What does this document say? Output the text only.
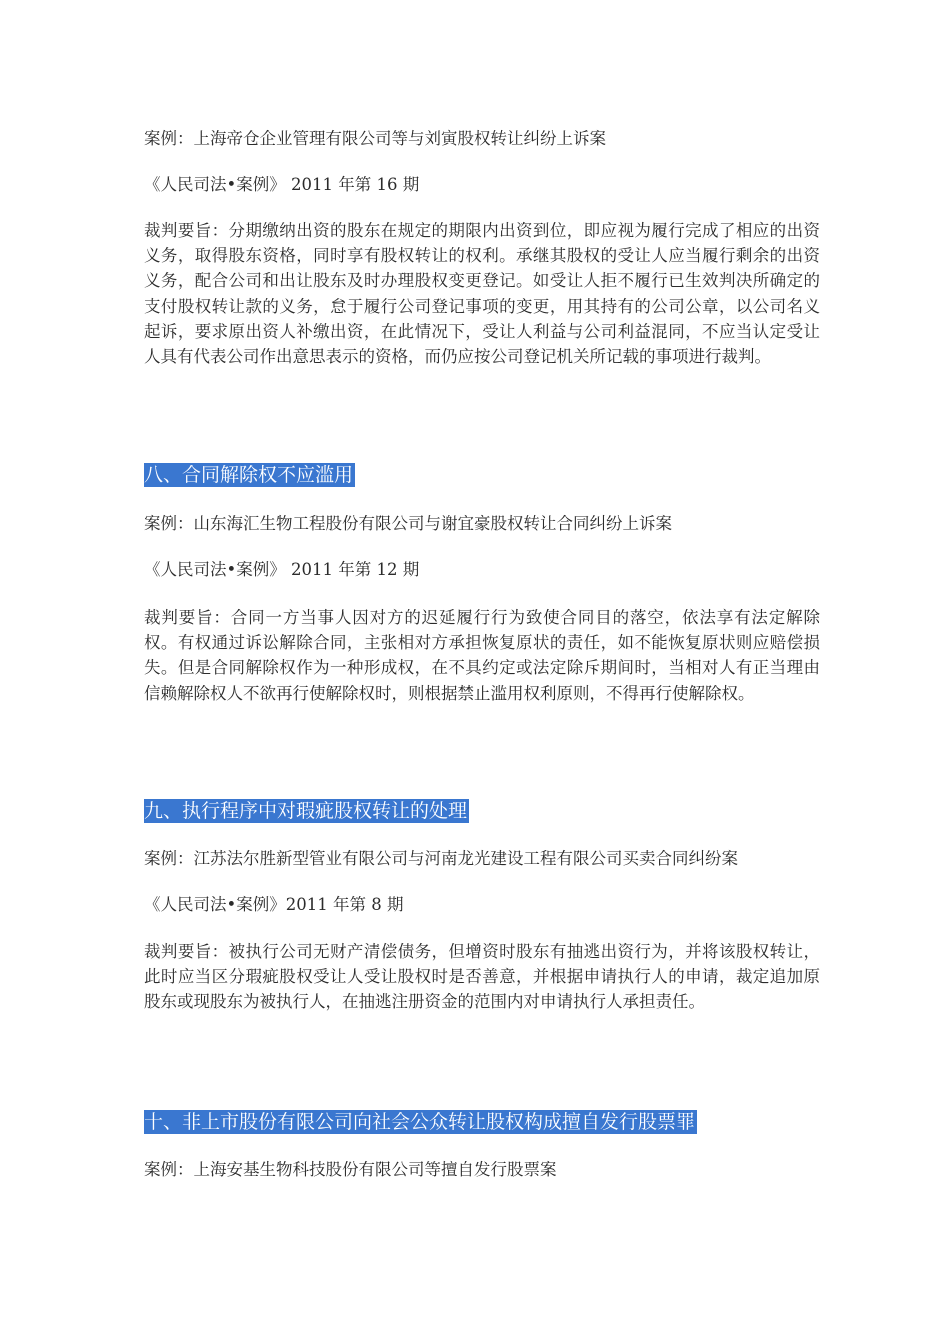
案例：上海帝仓企业管理有限公司等与刘寅股权转让纠纷上诉案

《人民司法•案例》 2011 年第 16 期

裁判要旨：分期缴纳出资的股东在规定的期限内出资到位，即应视为履行完成了相应的出资义务，取得股东资格，同时享有股权转让的权利。承继其股权的受让人应当履行剩余的出资义务，配合公司和出让股东及时办理股权变更登记。如受让人拒不履行已生效判决所确定的支付股权转让款的义务，怠于履行公司登记事项的变更，用其持有的公司公章，以公司名义起诉，要求原出资人补缴出资，在此情况下，受让人利益与公司利益混同，不应当认定受让人具有代表公司作出意思表示的资格，而仍应按公司登记机关所记载的事项进行裁判。

八、合同解除权不应滥用

案例：山东海汇生物工程股份有限公司与谢宜豪股权转让合同纠纷上诉案

《人民司法•案例》 2011 年第 12 期

裁判要旨：合同一方当事人因对方的迟延履行行为致使合同目的落空，依法享有法定解除权。有权通过诉讼解除合同，主张相对方承担恢复原状的责任，如不能恢复原状则应赔偿损失。但是合同解除权作为一种形成权，在不具约定或法定除斥期间时，当相对人有正当理由信赖解除权人不欲再行使解除权时，则根据禁止滥用权利原则，不得再行使解除权。

九、执行程序中对瑕疵股权转让的处理

案例：江苏法尔胜新型管业有限公司与河南龙光建设工程有限公司买卖合同纠纷案

《人民司法•案例》2011 年第 8 期

裁判要旨：被执行公司无财产清偿债务，但增资时股东有抽逃出资行为，并将该股权转让，此时应当区分瑕疵股权受让人受让股权时是否善意，并根据申请执行人的申请，裁定追加原股东或现股东为被执行人，在抽逃注册资金的范围内对申请执行人承担责任。

十、非上市股份有限公司向社会公众转让股权构成擅自发行股票罪

案例：上海安基生物科技股份有限公司等擅自发行股票案
